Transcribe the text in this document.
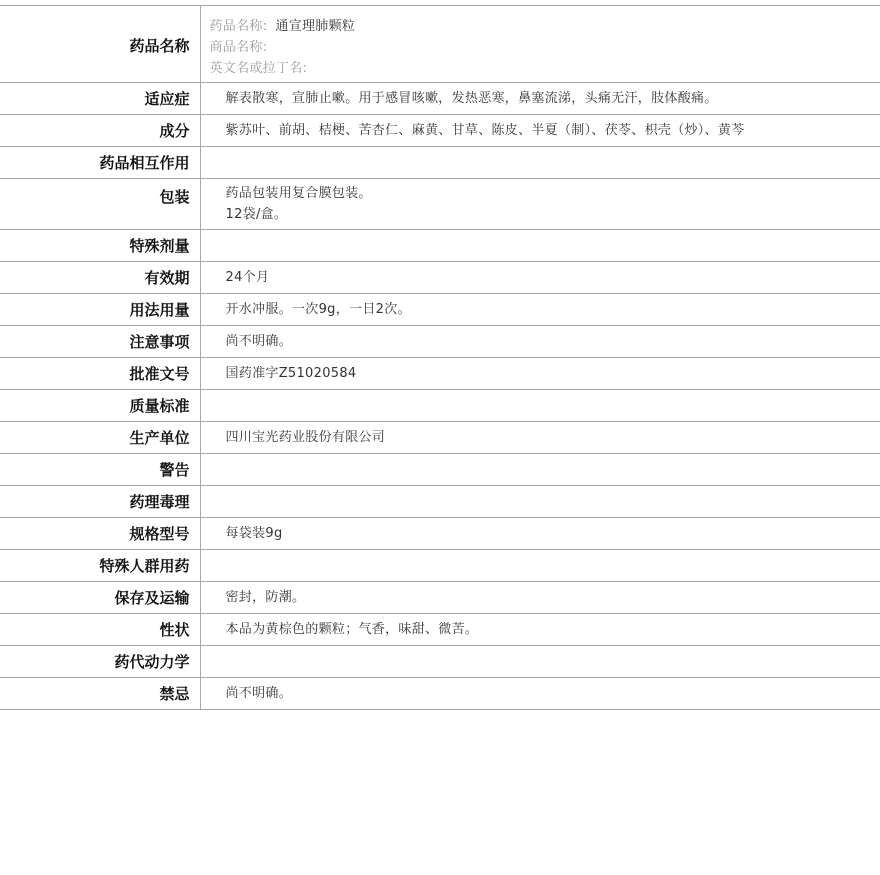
药品名称	药品名称: 通宣理肺颗粒
商品名称:
英文名或拉丁名:

适应症	解表散寒，宣肺止嗽。用于感冒咳嗽，发热恶寒，鼻塞流涕，头痛无汗，肢体酸痛。
成分	紫苏叶、前胡、桔梗、苦杏仁、麻黄、甘草、陈皮、半夏（制）、茯苓、枳壳（炒）、黄芩
药品相互作用	
包装	药品包装用复合膜包装。
12袋/盒。

特殊剂量	
有效期	24个月
用法用量	开水冲服。一次9g，一日2次。
注意事项	尚不明确。
批准文号	国药准字Z51020584
质量标准	
生产单位	四川宝光药业股份有限公司
警告	
药理毒理	
规格型号	每袋装9g
特殊人群用药	
保存及运输	密封，防潮。
性状	本品为黄棕色的颗粒；气香，味甜、微苦。
药代动力学	
禁忌	尚不明确。
